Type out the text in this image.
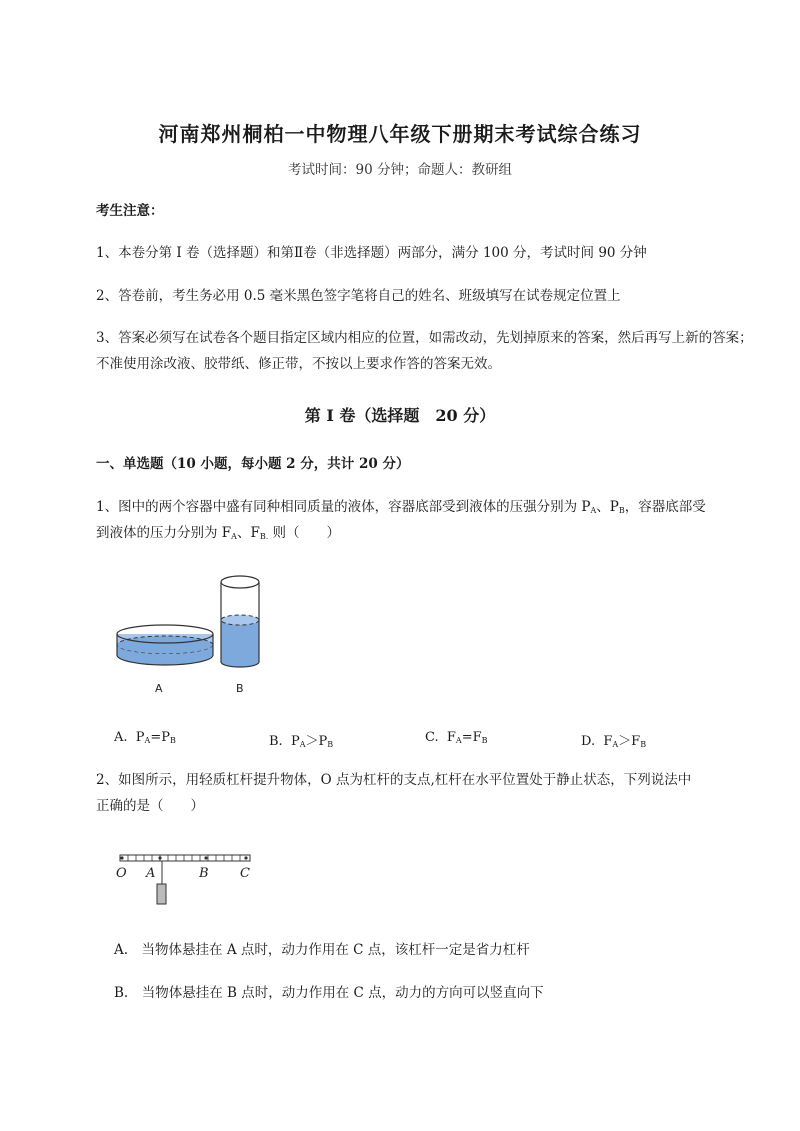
河南郑州桐柏一中物理八年级下册期末考试综合练习
考试时间：90 分钟；命题人：教研组
考生注意：
1、本卷分第 I 卷（选择题）和第Ⅱ卷（非选择题）两部分，满分 100 分，考试时间 90 分钟
2、答卷前，考生务必用 0.5 毫米黑色签字笔将自己的姓名、班级填写在试卷规定位置上
3、答案必须写在试卷各个题目指定区域内相应的位置，如需改动，先划掉原来的答案，然后再写上新的答案；不准使用涂改液、胶带纸、修正带，不按以上要求作答的答案无效。
第 I 卷（选择题　20 分）
一、单选题（10 小题，每小题 2 分，共计 20 分）
1、图中的两个容器中盛有同种相同质量的液体，容器底部受到液体的压强分别为 $P_A$、$P_B$，容器底部受
到液体的压力分别为 $F_A$、$F_{B.}$ 则（　　）
A	B
A. $P_A=P_B$	B. $P_A>P_B$	C. $F_A=F_B$	D. $F_A>F_B$
2、如图所示，用轻质杠杆提升物体，O 点为杠杆的支点,杠杆在水平位置处于静止状态，下列说法中
正确的是（　　）
O A	B C
A.　当物体悬挂在 A 点时，动力作用在 C 点，该杠杆一定是省力杠杆
B.　当物体悬挂在 B 点时，动力作用在 C 点，动力的方向可以竖直向下
